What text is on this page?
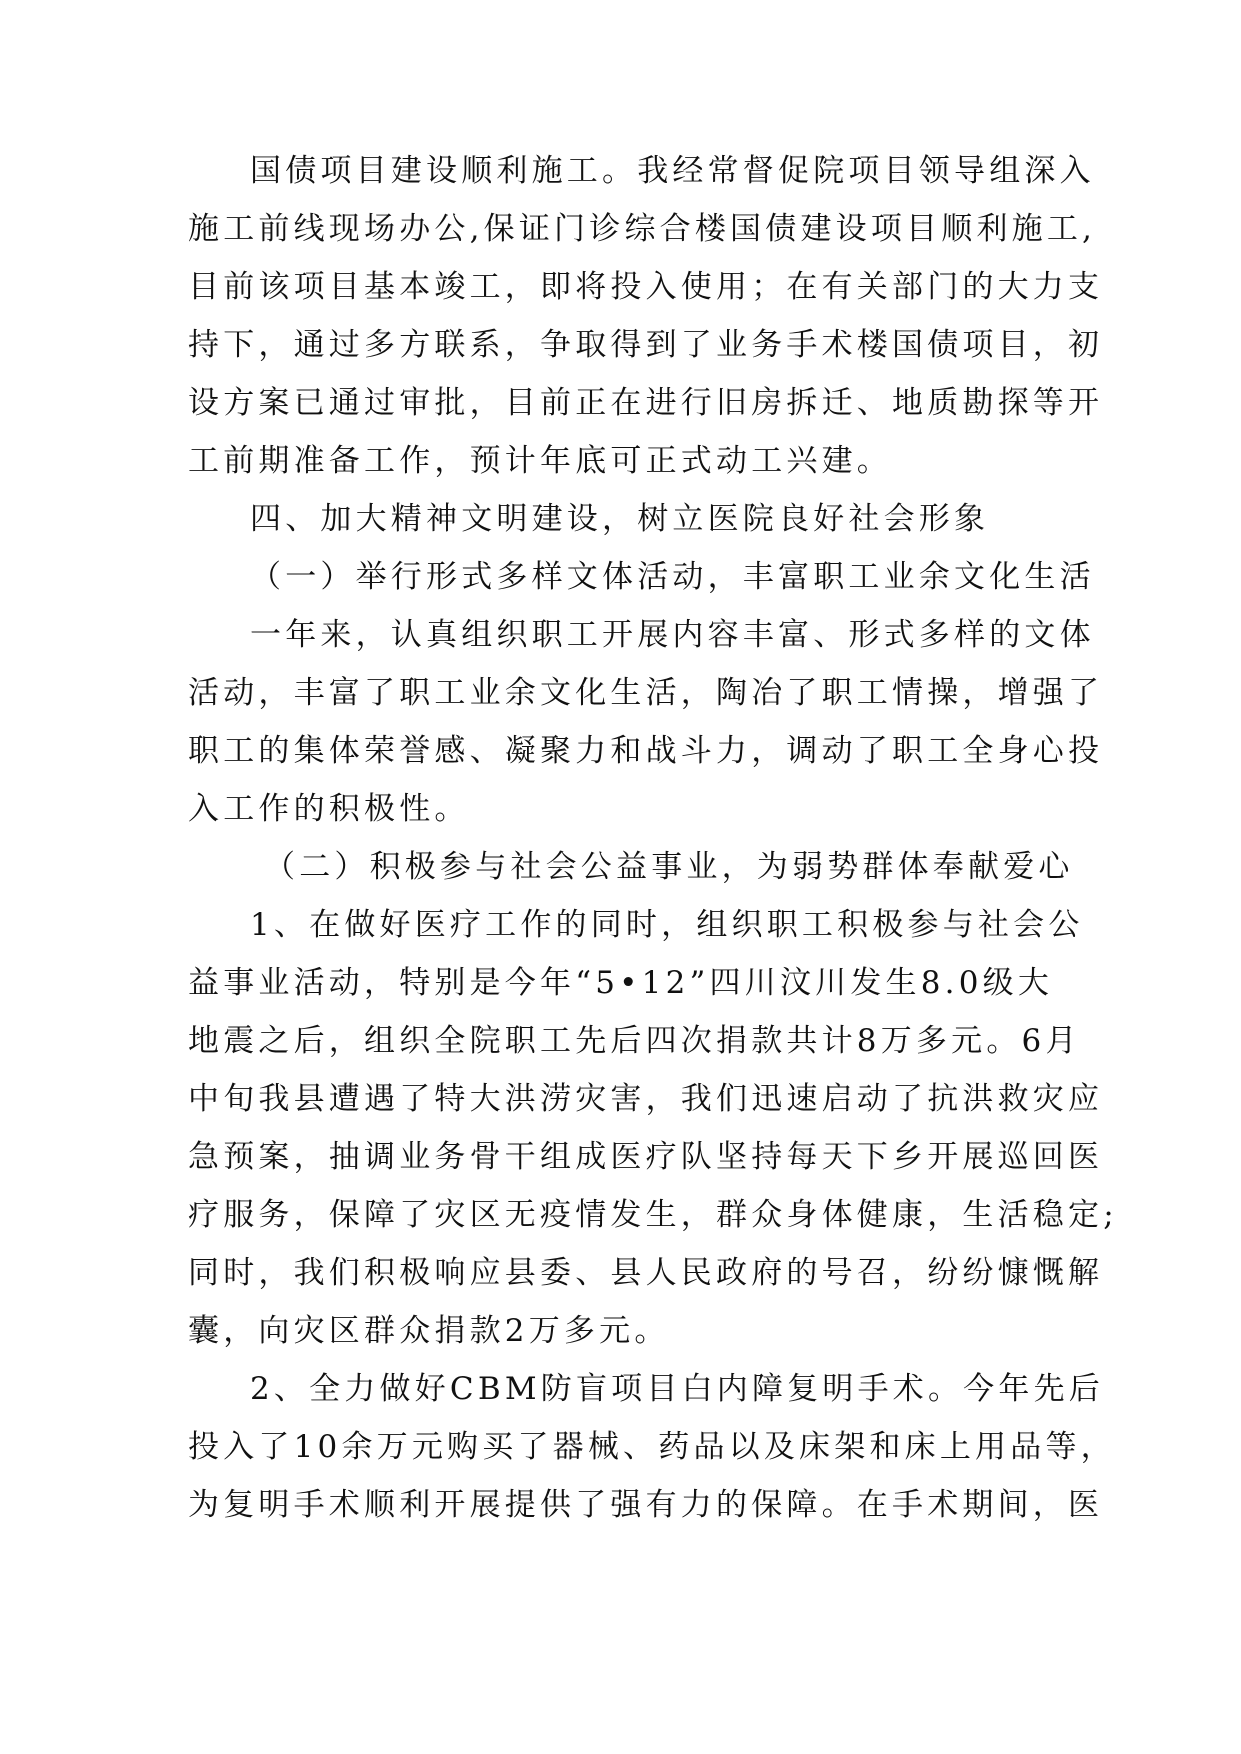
国债项目建设顺利施工。我经常督促院项目领导组深入
施工前线现场办公,保证门诊综合楼国债建设项目顺利施工,
目前该项目基本竣工，即将投入使用；在有关部门的大力支
持下，通过多方联系，争取得到了业务手术楼国债项目，初
设方案已通过审批，目前正在进行旧房拆迁、地质勘探等开
工前期准备工作，预计年底可正式动工兴建。
四、加大精神文明建设，树立医院良好社会形象
（一）举行形式多样文体活动，丰富职工业余文化生活
一年来，认真组织职工开展内容丰富、形式多样的文体
活动，丰富了职工业余文化生活，陶冶了职工情操，增强了
职工的集体荣誉感、凝聚力和战斗力，调动了职工全身心投
入工作的积极性。
（二）积极参与社会公益事业，为弱势群体奉献爱心
1、在做好医疗工作的同时，组织职工积极参与社会公
益事业活动，特别是今年“5•12”四川汶川发生8.0级大
地震之后，组织全院职工先后四次捐款共计8万多元。6月
中旬我县遭遇了特大洪涝灾害，我们迅速启动了抗洪救灾应
急预案，抽调业务骨干组成医疗队坚持每天下乡开展巡回医
疗服务，保障了灾区无疫情发生，群众身体健康，生活稳定;
同时，我们积极响应县委、县人民政府的号召，纷纷慷慨解
囊，向灾区群众捐款2万多元。
2、全力做好CBM防盲项目白内障复明手术。今年先后
投入了10余万元购买了器械、药品以及床架和床上用品等，
为复明手术顺利开展提供了强有力的保障。在手术期间，医
